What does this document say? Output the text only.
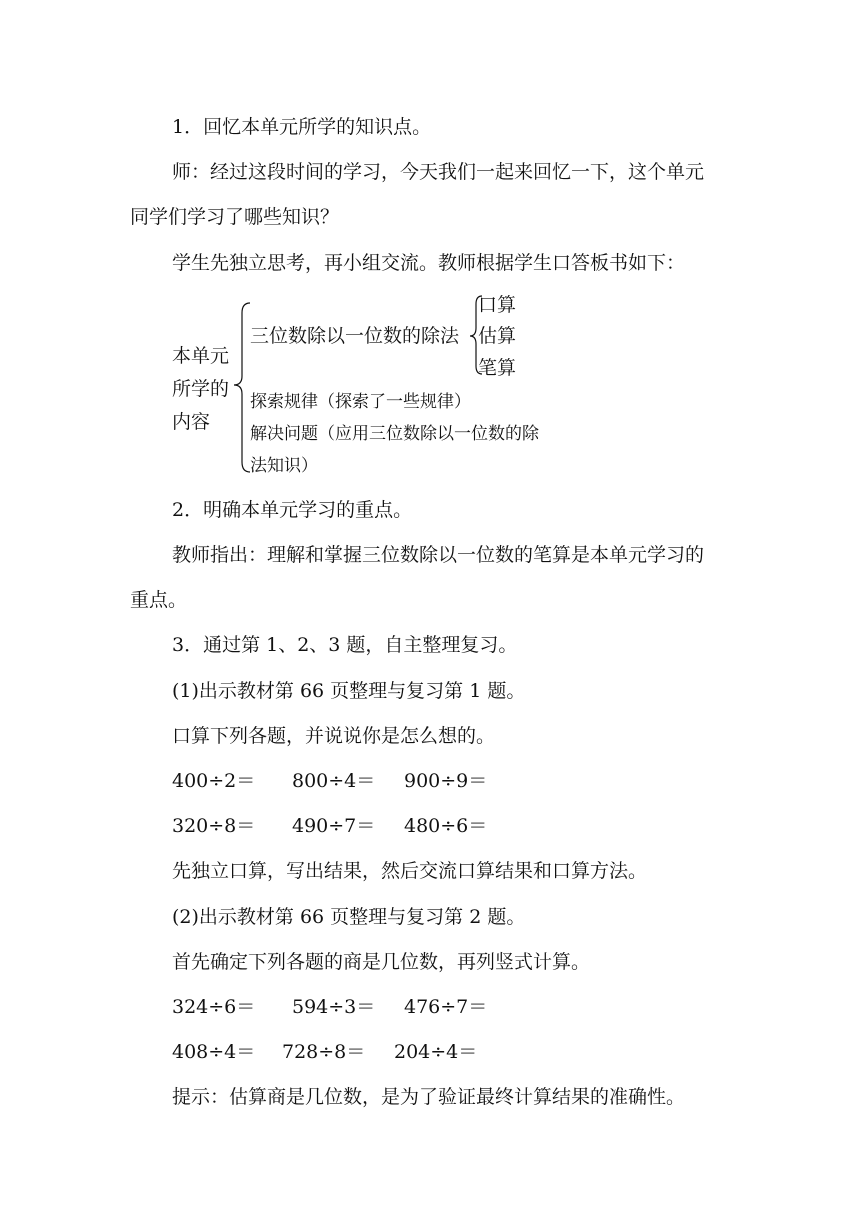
1．回忆本单元所学的知识点。
师：经过这段时间的学习，今天我们一起来回忆一下，这个单元
同学们学习了哪些知识？
学生先独立思考，再小组交流。教师根据学生口答板书如下：
本单元
所学的
内容
三位数除以一位数的除法
口算
估算
笔算
探索规律（探索了一些规律）
解决问题（应用三位数除以一位数的除
法知识）
2．明确本单元学习的重点。
教师指出：理解和掌握三位数除以一位数的笔算是本单元学习的
重点。
3．通过第 1、2、3 题，自主整理复习。
(1)出示教材第 66 页整理与复习第 1 题。
口算下列各题，并说说你是怎么想的。
400÷2＝ 800÷4＝ 900÷9＝
320÷8＝ 490÷7＝ 480÷6＝
先独立口算，写出结果，然后交流口算结果和口算方法。
(2)出示教材第 66 页整理与复习第 2 题。
首先确定下列各题的商是几位数，再列竖式计算。
324÷6＝ 594÷3＝ 476÷7＝
408÷4＝ 728÷8＝ 204÷4＝
提示：估算商是几位数，是为了验证最终计算结果的准确性。
